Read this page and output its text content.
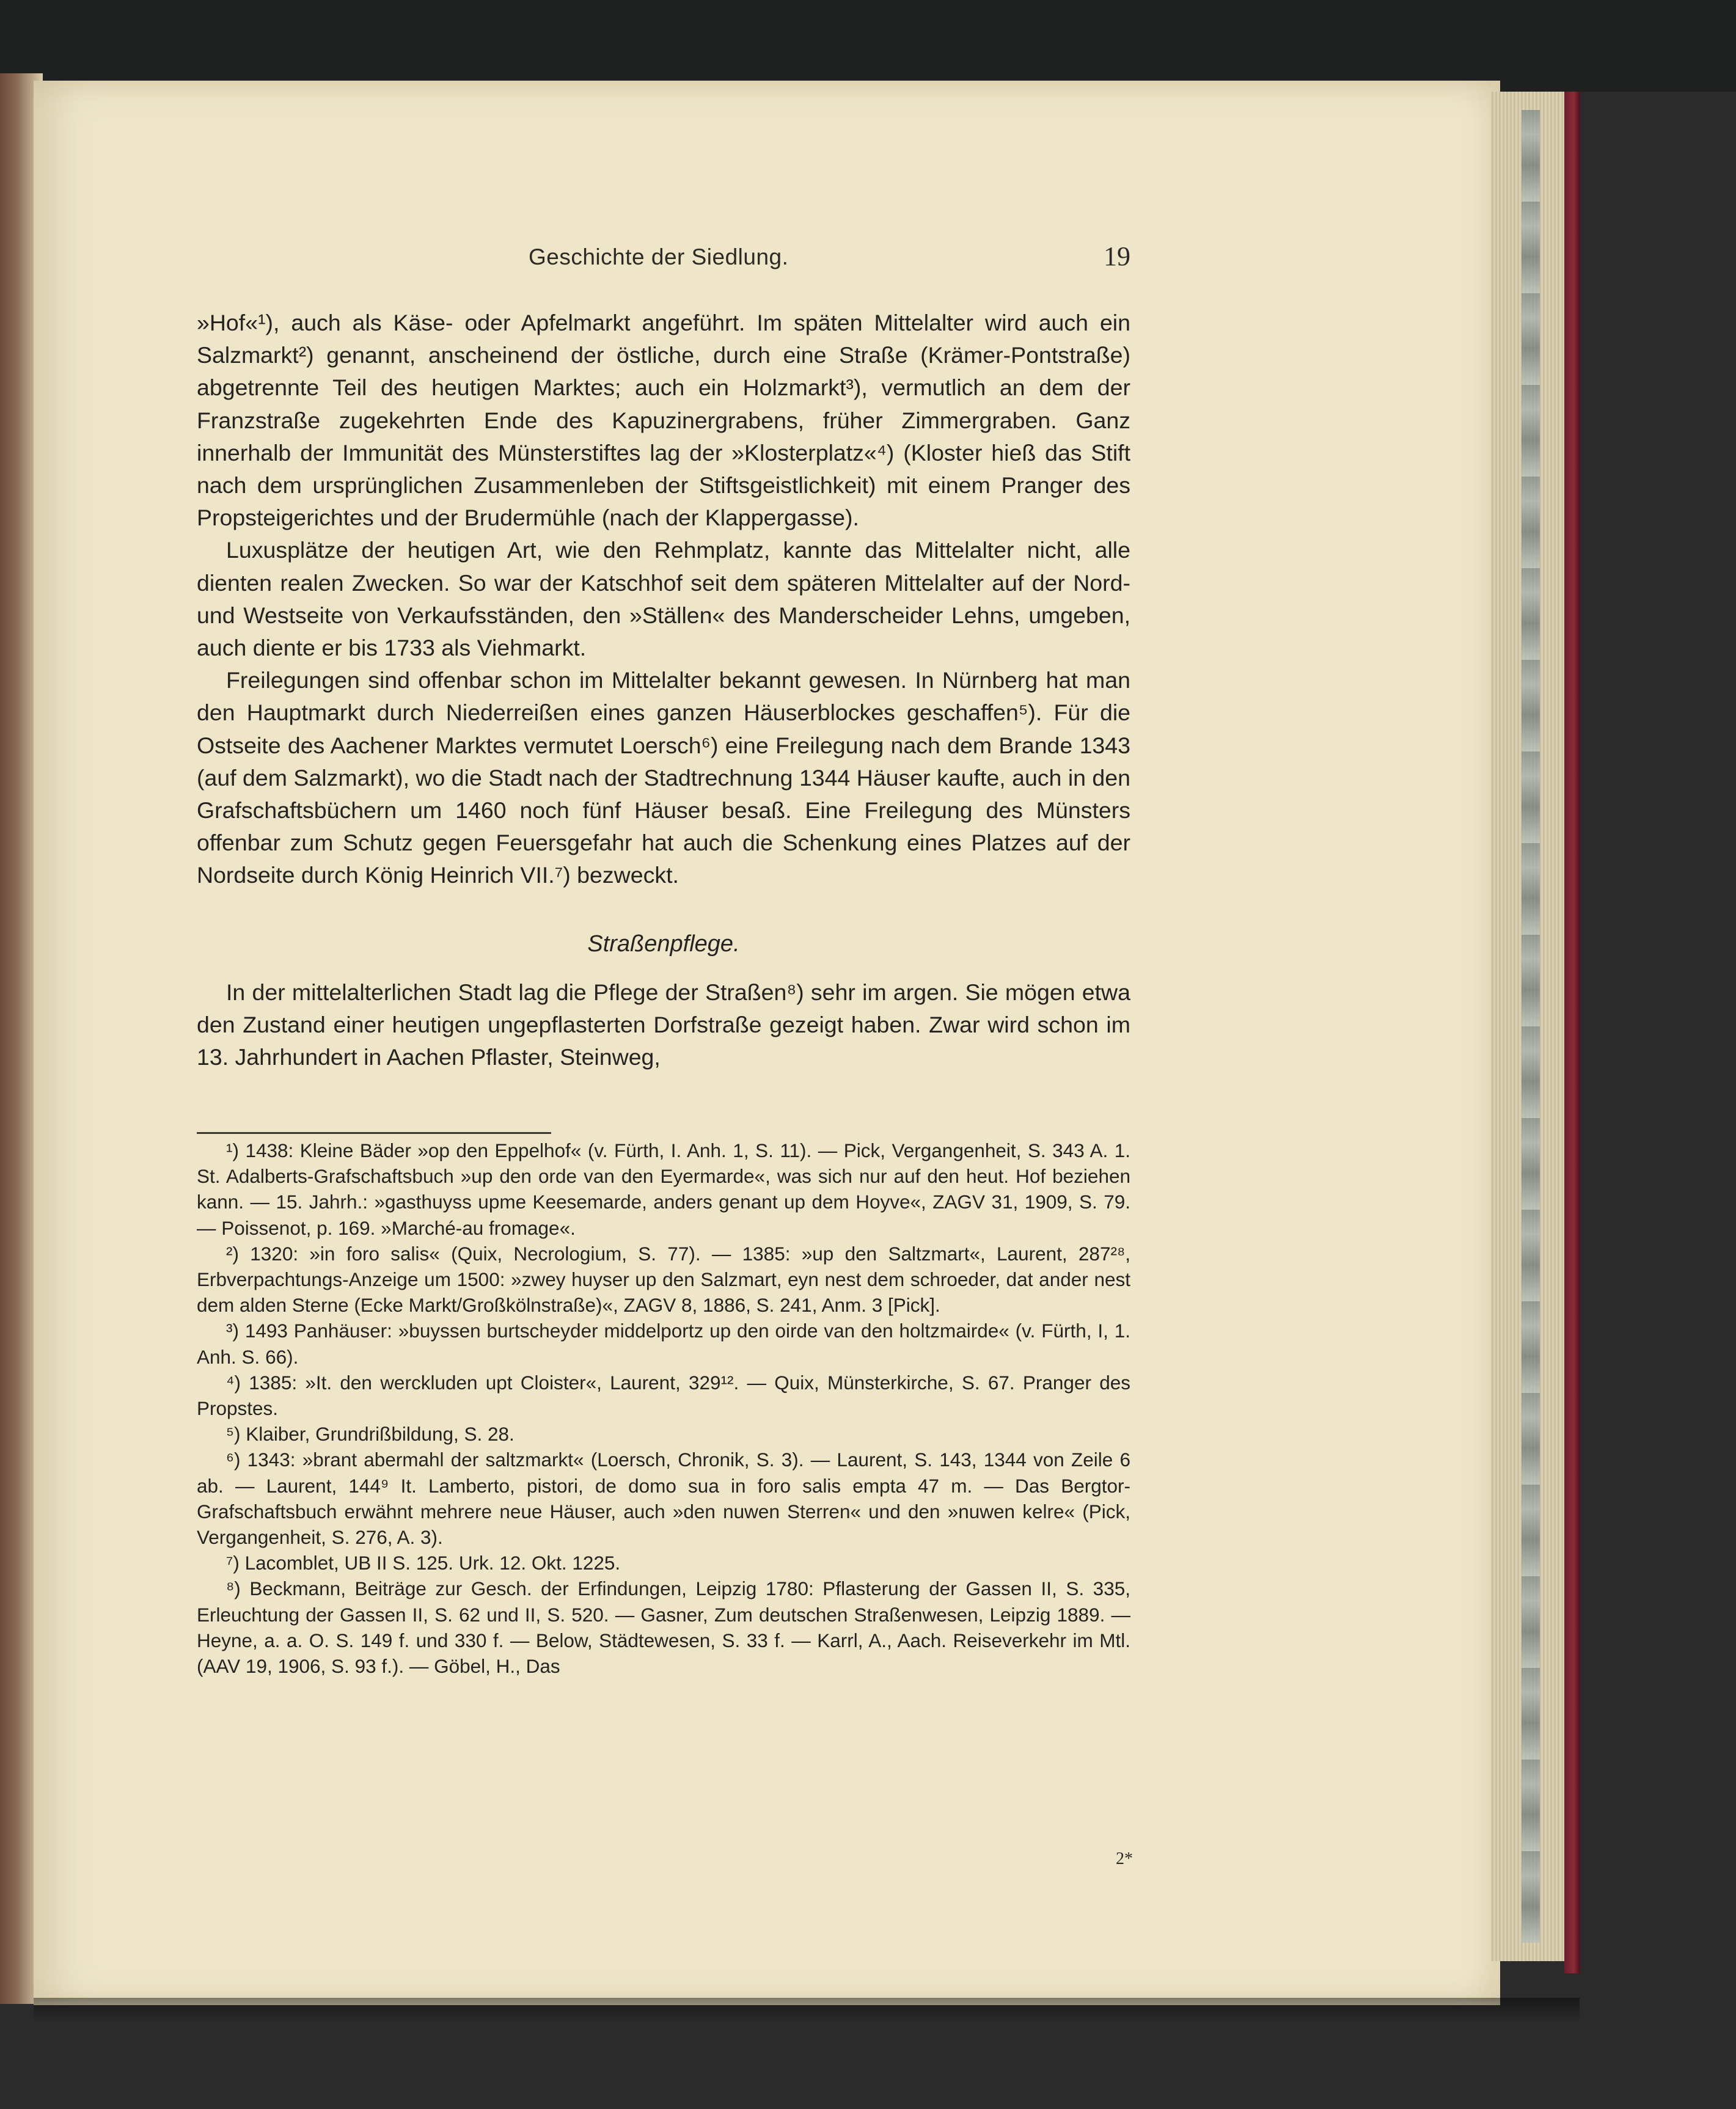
Geschichte der Siedlung.	19

»Hof«¹), auch als Käse- oder Apfelmarkt angeführt. Im späten Mittelalter wird auch ein Salzmarkt²) genannt, anscheinend der östliche, durch eine Straße (Krämer-Pontstraße) abgetrennte Teil des heutigen Marktes; auch ein Holzmarkt³), vermutlich an dem der Franzstraße zugekehrten Ende des Kapuzinergrabens, früher Zimmergraben. Ganz innerhalb der Immunität des Münsterstiftes lag der »Klosterplatz«⁴) (Kloster hieß das Stift nach dem ursprünglichen Zusammenleben der Stiftsgeistlichkeit) mit einem Pranger des Propsteigerichtes und der Brudermühle (nach der Klappergasse).

Luxusplätze der heutigen Art, wie den Rehmplatz, kannte das Mittelalter nicht, alle dienten realen Zwecken. So war der Katschhof seit dem späteren Mittelalter auf der Nord- und Westseite von Verkaufsständen, den »Ställen« des Manderscheider Lehns, umgeben, auch diente er bis 1733 als Viehmarkt.

Freilegungen sind offenbar schon im Mittelalter bekannt gewesen. In Nürnberg hat man den Hauptmarkt durch Niederreißen eines ganzen Häuserblockes geschaffen⁵). Für die Ostseite des Aachener Marktes vermutet Loersch⁶) eine Freilegung nach dem Brande 1343 (auf dem Salzmarkt), wo die Stadt nach der Stadtrechnung 1344 Häuser kaufte, auch in den Grafschaftsbüchern um 1460 noch fünf Häuser besaß. Eine Freilegung des Münsters offenbar zum Schutz gegen Feuersgefahr hat auch die Schenkung eines Platzes auf der Nordseite durch König Heinrich VII.⁷) bezweckt.

Straßenpflege.

In der mittelalterlichen Stadt lag die Pflege der Straßen⁸) sehr im argen. Sie mögen etwa den Zustand einer heutigen ungepflasterten Dorfstraße gezeigt haben. Zwar wird schon im 13. Jahrhundert in Aachen Pflaster, Steinweg,

¹) 1438: Kleine Bäder »op den Eppelhof« (v. Fürth, I. Anh. 1, S. 11). — Pick, Vergangenheit, S. 343 A. 1. St. Adalberts-Grafschaftsbuch »up den orde van den Eyermarde«, was sich nur auf den heut. Hof beziehen kann. — 15. Jahrh.: »gasthuyss upme Keesemarde, anders genant up dem Hoyve«, ZAGV 31, 1909, S. 79. — Poissenot, p. 169. »Marché-au fromage«.

²) 1320: »in foro salis« (Quix, Necrologium, S. 77). — 1385: »up den Saltzmart«, Laurent, 287²⁸, Erbverpachtungs-Anzeige um 1500: »zwey huyser up den Salzmart, eyn nest dem schroeder, dat ander nest dem alden Sterne (Ecke Markt/Großkölnstraße)«, ZAGV 8, 1886, S. 241, Anm. 3 [Pick].

³) 1493 Panhäuser: »buyssen burtscheyder middelportz up den oirde van den holtzmairde« (v. Fürth, I, 1. Anh. S. 66).

⁴) 1385: »It. den werckluden upt Cloister«, Laurent, 329¹². — Quix, Münsterkirche, S. 67. Pranger des Propstes.

⁵) Klaiber, Grundrißbildung, S. 28.

⁶) 1343: »brant abermahl der saltzmarkt« (Loersch, Chronik, S. 3). — Laurent, S. 143, 1344 von Zeile 6 ab. — Laurent, 144⁹ It. Lamberto, pistori, de domo sua in foro salis empta 47 m. — Das Bergtor-Grafschaftsbuch erwähnt mehrere neue Häuser, auch »den nuwen Sterren« und den »nuwen kelre« (Pick, Vergangenheit, S. 276, A. 3).

⁷) Lacomblet, UB II S. 125. Urk. 12. Okt. 1225.

⁸) Beckmann, Beiträge zur Gesch. der Erfindungen, Leipzig 1780: Pflasterung der Gassen II, S. 335, Erleuchtung der Gassen II, S. 62 und II, S. 520. — Gasner, Zum deutschen Straßenwesen, Leipzig 1889. — Heyne, a. a. O. S. 149 f. und 330 f. — Below, Städtewesen, S. 33 f. — Karrl, A., Aach. Reiseverkehr im Mtl. (AAV 19, 1906, S. 93 f.). — Göbel, H., Das

2*
